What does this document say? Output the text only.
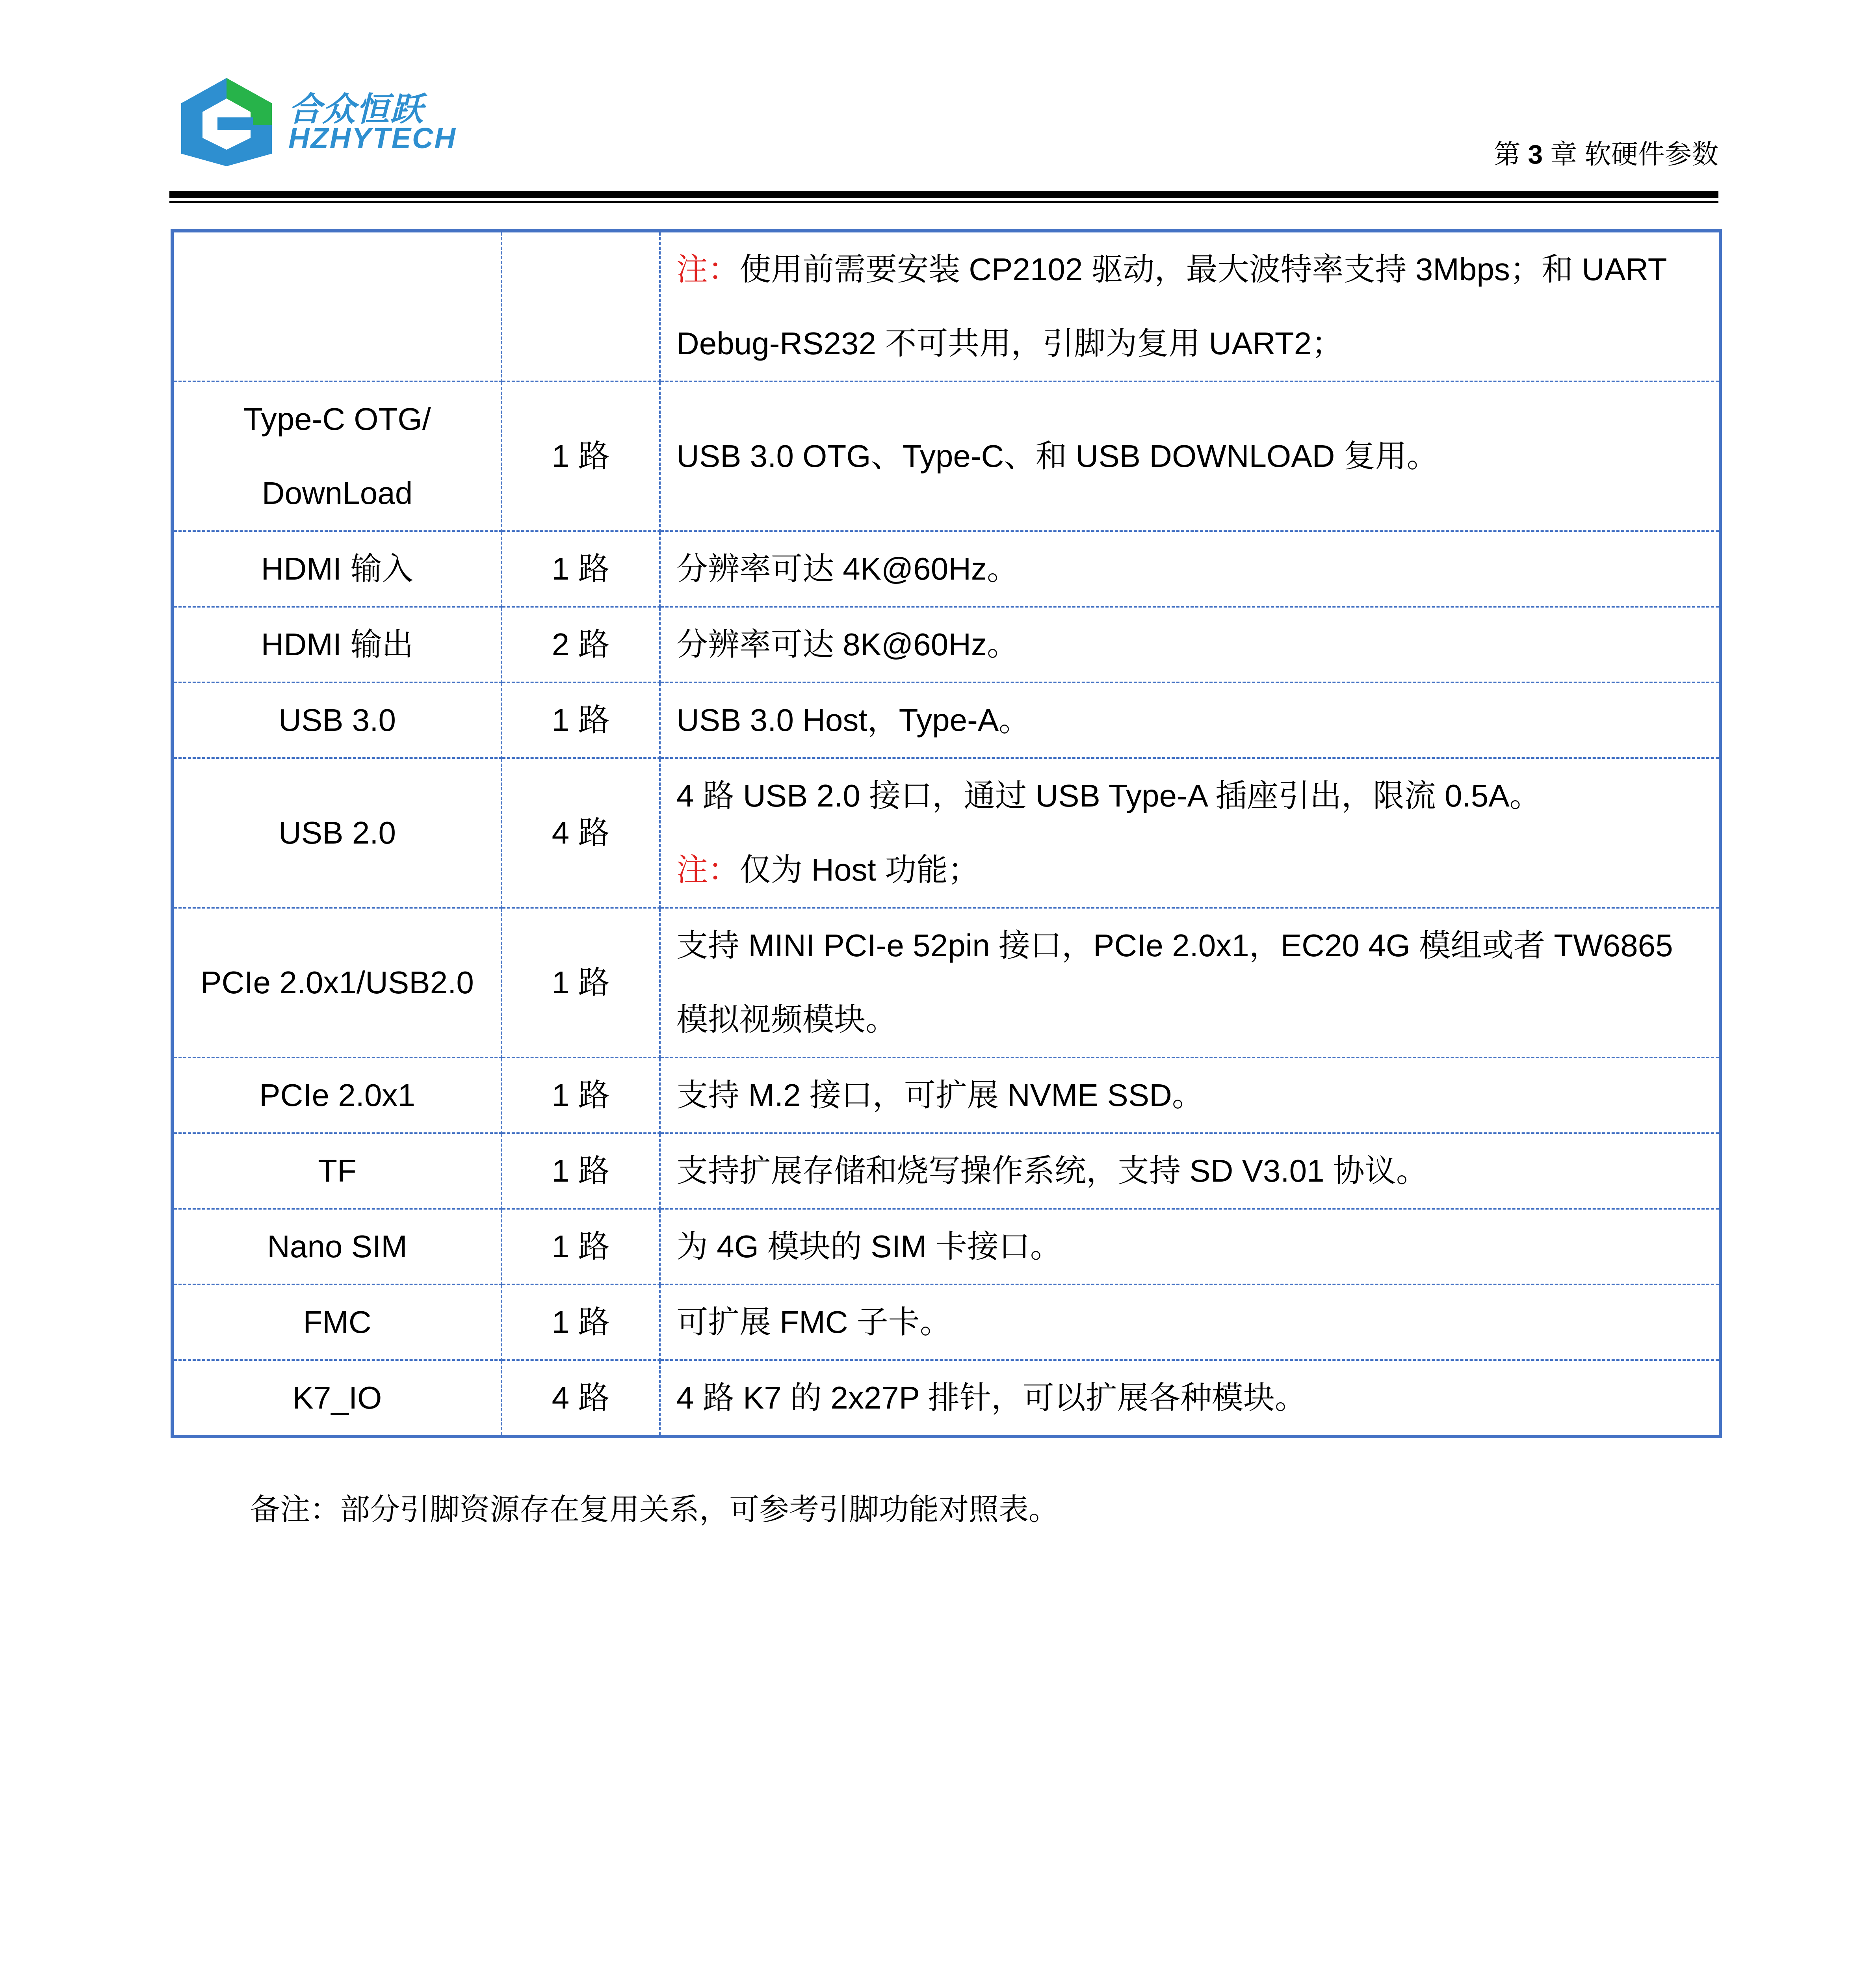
合众恒跃
HZHYTECH	第 3 章 软硬件参数

		注：使用前需要安装 CP2102 驱动，最大波特率支持 3Mbps；和 UART
Debug-RS232 不可共用，引脚为复用 UART2；

Type-C OTG/
DownLoad	1 路	USB 3.0 OTG、Type-C、和 USB DOWNLOAD 复用。

HDMI 输入	1 路	分辨率可达 4K@60Hz。

HDMI 输出	2 路	分辨率可达 8K@60Hz。

USB 3.0	1 路	USB 3.0 Host，Type-A。

USB 2.0	4 路	4 路 USB 2.0 接口，通过 USB Type-A 插座引出，限流 0.5A。
注：仅为 Host 功能；

PCIe 2.0x1/USB2.0	1 路	支持 MINI PCI-e 52pin 接口，PCIe 2.0x1，EC20 4G 模组或者 TW6865
模拟视频模块。

PCIe 2.0x1	1 路	支持 M.2 接口，可扩展 NVME SSD。

TF	1 路	支持扩展存储和烧写操作系统，支持 SD V3.01 协议。

Nano SIM	1 路	为 4G 模块的 SIM 卡接口。

FMC	1 路	可扩展 FMC 子卡。

K7_IO	4 路	4 路 K7 的 2x27P 排针，可以扩展各种模块。
备注：部分引脚资源存在复用关系，可参考引脚功能对照表。
